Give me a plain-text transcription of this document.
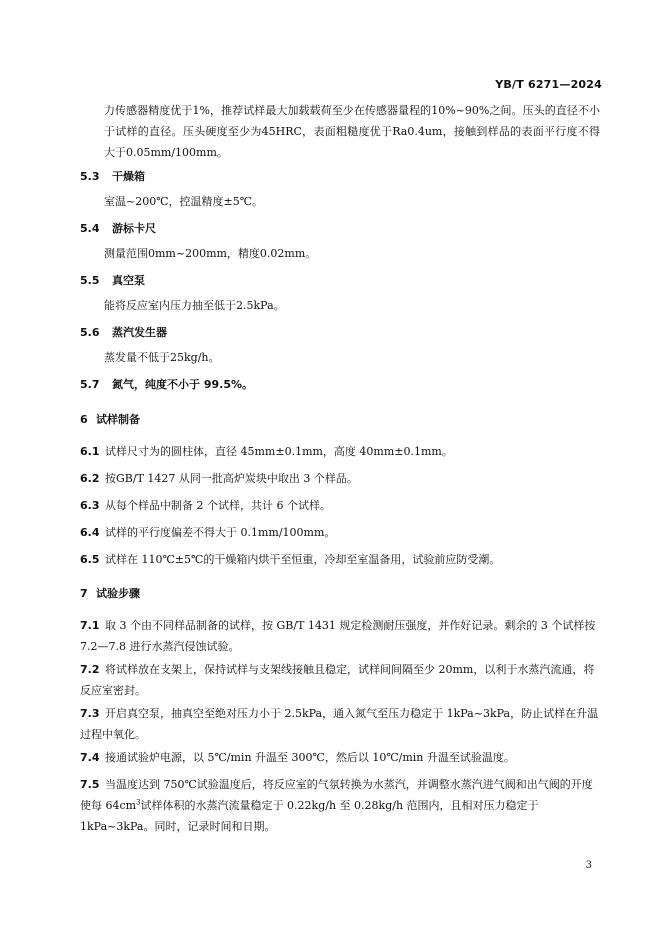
YB/T 6271—2024
力传感器精度优于1%，推荐试样最大加载载荷至少在传感器量程的10%~90%之间。压头的直径不小于试样的直径。压头硬度至少为45HRC，表面粗糙度优于Ra0.4um，接触到样品的表面平行度不得大于0.05mm/100mm。
5.3 干燥箱
室温~200℃，控温精度±5℃。
5.4 游标卡尺
测量范围0mm~200mm，精度0.02mm。
5.5 真空泵
能将反应室内压力抽至低于2.5kPa。
5.6 蒸汽发生器
蒸发量不低于25kg/h。
5.7 氮气，纯度不小于 99.5%。
6 试样制备
6.1 试样尺寸为的圆柱体，直径 45mm±0.1mm，高度 40mm±0.1mm。
6.2 按GB/T 1427 从同一批高炉炭块中取出 3 个样品。
6.3 从每个样品中制备 2 个试样，共计 6 个试样。
6.4 试样的平行度偏差不得大于 0.1mm/100mm。
6.5 试样在 110℃±5℃的干燥箱内烘干至恒重，冷却至室温备用，试验前应防受潮。
7 试验步骤
7.1 取 3 个由不同样品制备的试样，按 GB/T 1431 规定检测耐压强度，并作好记录。剩余的 3 个试样按 7.2—7.8 进行水蒸汽侵蚀试验。
7.2 将试样放在支架上，保持试样与支架线接触且稳定，试样间间隔至少 20mm，以利于水蒸汽流通，将反应室密封。
7.3 开启真空泵，抽真空至绝对压力小于 2.5kPa，通入氮气至压力稳定于 1kPa~3kPa，防止试样在升温过程中氧化。
7.4 接通试验炉电源，以 5℃/min 升温至 300℃，然后以 10℃/min 升温至试验温度。
7.5 当温度达到 750℃试验温度后，将反应室的气氛转换为水蒸汽，并调整水蒸汽进气阀和出气阀的开度使每 $64cm^3$试样体积的水蒸汽流量稳定于 0.22kg/h 至 0.28kg/h 范围内，且相对压力稳定于 1kPa~3kPa。同时，记录时间和日期。
3
